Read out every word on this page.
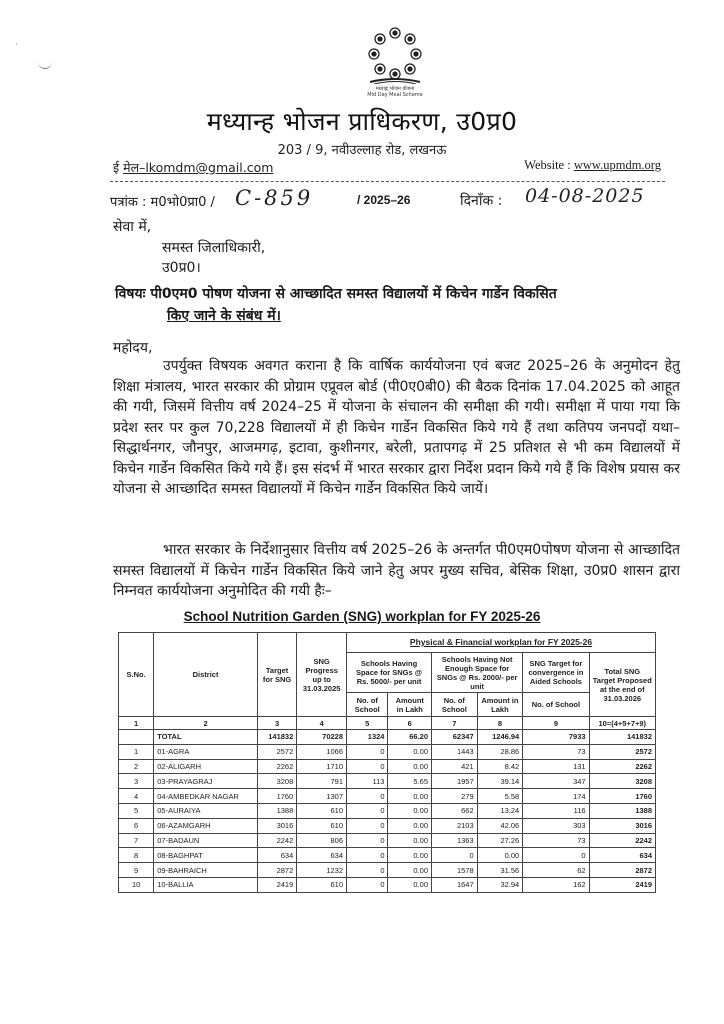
·
मध्याह्न भोजन योजना
Mid Day Meal Scheme
मध्यान्ह भोजन प्राधिकरण, उ0प्र0
203 / 9, नवीउल्लाह रोड, लखनऊ
ई मेल–lkomdm@gmail.com	Website : www.upmdm.org
पत्रांक : म0भो0प्रा0 / C-859	/ 2025–26	दिनाँक : 04-08-2025
सेवा में,
समस्त जिलाधिकारी,
उ0प्र0।
विषयः पी0एम0 पोषण योजना से आच्छादित समस्त विद्यालयों में किचेन गार्डेन विकसित
किए जाने के संबंध में।
महोदय,
उपर्युक्त विषयक अवगत कराना है कि वार्षिक कार्ययोजना एवं बजट 2025–26 के अनुमोदन हेतु शिक्षा मंत्रालय, भारत सरकार की प्रोग्राम एप्रूवल बोर्ड (पी0ए0बी0) की बैठक दिनांक 17.04.2025 को आहूत की गयी, जिसमें वित्तीय वर्ष 2024–25 में योजना के संचालन की समीक्षा की गयी। समीक्षा में पाया गया कि प्रदेश स्तर पर कुल 70,228 विद्यालयों में ही किचेन गार्डेन विकसित किये गये हैं तथा कतिपय जनपदों यथा– सिद्धार्थनगर, जौनपुर, आजमगढ़, इटावा, कुशीनगर, बरेली, प्रतापगढ़ में 25 प्रतिशत से भी कम विद्यालयों में किचेन गार्डेन विकसित किये गये हैं। इस संदर्भ में भारत सरकार द्वारा निर्देश प्रदान किये गये हैं कि विशेष प्रयास कर योजना से आच्छादित समस्त विद्यालयों में किचेन गार्डेन विकसित किये जायें।
भारत सरकार के निर्देशानुसार वित्तीय वर्ष 2025–26 के अन्तर्गत पी0एम0पोषण योजना से आच्छादित समस्त विद्यालयों में किचेन गार्डेन विकसित किये जाने हेतु अपर मुख्य सचिव, बेसिक शिक्षा, उ0प्र0 शासन द्वारा निम्नवत कार्ययोजना अनुमोदित की गयी हैः–
School Nutrition Garden (SNG) workplan for FY 2025-26
S.No.	District	Target for SNG	SNG Progress up to 31.03.2025	Physical & Financial workplan for FY 2025-26					
				Schools Having Space for SNGs @ Rs. 5000/- per unit		Schools Having Not Enough Space for SNGs @ Rs. 2000/- per unit		SNG Target for convergence in Aided Schools	Total SNG Target Proposed at the end of 31.03.2026
				No. of School	Amount in Lakh	No. of School	Amount in Lakh	No. of School	
1	2	3	4	5	6	7	8	9	10=(4+5+7+9)
	TOTAL	141832	70228	1324	66.20	62347	1246.94	7933	141832
1	01-AGRA	2572	1066	0	0.00	1443	28.86	73	2572
2	02-ALIGARH	2262	1710	0	0.00	421	8.42	131	2262
3	03-PRAYAGRAJ	3208	791	113	5.65	1957	39.14	347	3208
4	04-AMBEDKAR NAGAR	1760	1307	0	0.00	279	5.58	174	1760
5	05-AURAIYA	1388	610	0	0.00	662	13.24	116	1388
6	06-AZAMGARH	3016	610	0	0.00	2103	42.06	303	3016
7	07-BADAUN	2242	806	0	0.00	1363	27.26	73	2242
8	08-BAGHPAT	634	634	0	0.00	0	0.00	0	634
9	09-BAHRAICH	2872	1232	0	0.00	1578	31.56	62	2872
10	10-BALLIA	2419	610	0	0.00	1647	32.94	162	2419
